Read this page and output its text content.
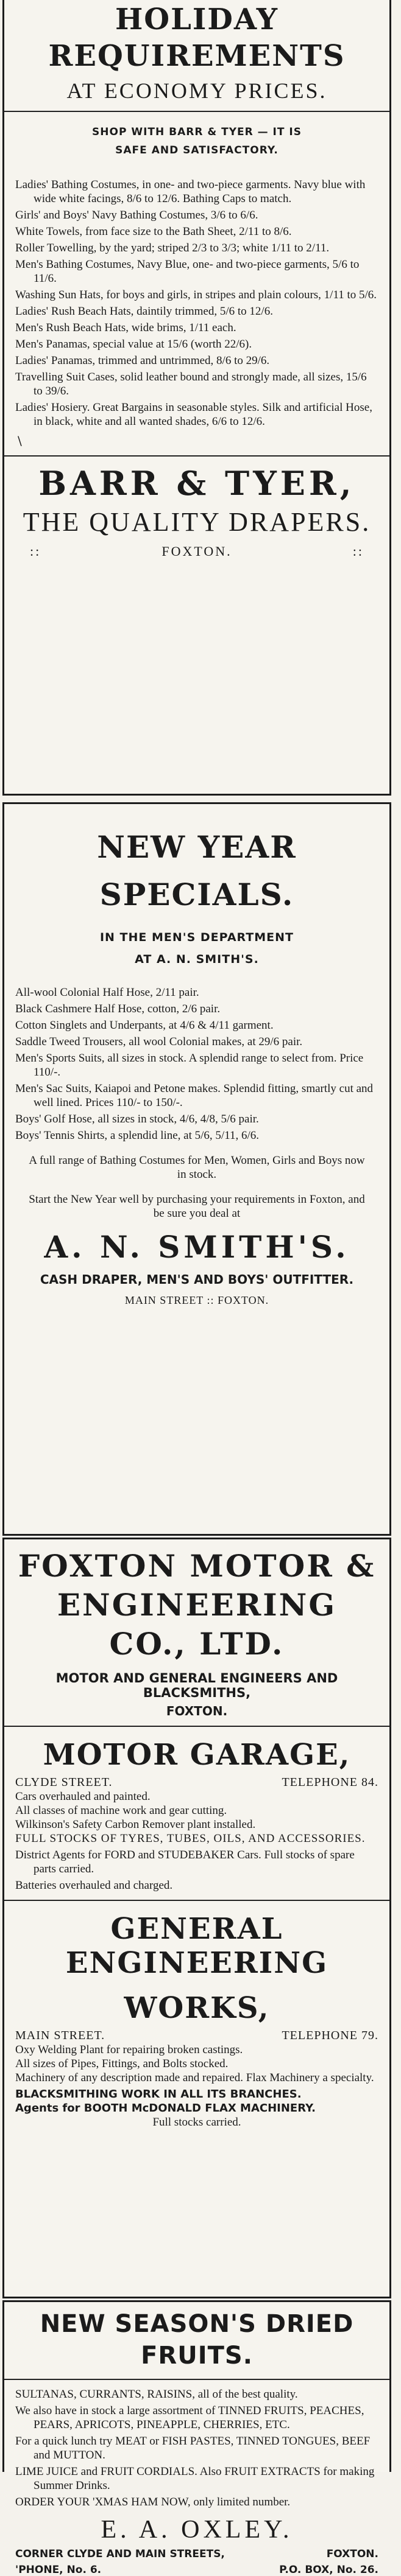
HOLIDAY
REQUIREMENTS
AT ECONOMY PRICES.
SHOP WITH BARR & TYER — IT IS
SAFE AND SATISFACTORY.

Ladies' Bathing Costumes, in one- and two-piece garments. Navy blue with wide white facings, 8/6 to 12/6. Bathing Caps to match.

Girls' and Boys' Navy Bathing Costumes, 3/6 to 6/6.

White Towels, from face size to the Bath Sheet, 2/11 to 8/6.

Roller Towelling, by the yard; striped 2/3 to 3/3; white 1/11 to 2/11.

Men's Bathing Costumes, Navy Blue, one- and two-piece garments, 5/6 to 11/6.

Washing Sun Hats, for boys and girls, in stripes and plain colours, 1/11 to 5/6.

Ladies' Rush Beach Hats, daintily trimmed, 5/6 to 12/6.

Men's Rush Beach Hats, wide brims, 1/11 each.

Men's Panamas, special value at 15/6 (worth 22/6).

Ladies' Panamas, trimmed and untrimmed, 8/6 to 29/6.

Travelling Suit Cases, solid leather bound and strongly made, all sizes, 15/6 to 39/6.

Ladies' Hosiery. Great Bargains in seasonable styles. Silk and artificial Hose, in black, white and all wanted shades, 6/6 to 12/6.

\
BARR & TYER,
THE QUALITY DRAPERS.
::	FOXTON.	::
NEW YEAR
SPECIALS.
IN THE MEN'S DEPARTMENT
AT A. N. SMITH'S.

All-wool Colonial Half Hose, 2/11 pair.

Black Cashmere Half Hose, cotton, 2/6 pair.

Cotton Singlets and Underpants, at 4/6 & 4/11 garment.

Saddle Tweed Trousers, all wool Colonial makes, at 29/6 pair.

Men's Sports Suits, all sizes in stock. A splendid range to select from. Price 110/-.

Men's Sac Suits, Kaiapoi and Petone makes. Splendid fitting, smartly cut and well lined. Prices 110/- to 150/-.

Boys' Golf Hose, all sizes in stock, 4/6, 4/8, 5/6 pair.

Boys' Tennis Shirts, a splendid line, at 5/6, 5/11, 6/6.

A full range of Bathing Costumes for Men, Women, Girls and Boys now in stock.

Start the New Year well by purchasing your requirements in Foxton, and be sure you deal at

A. N. SMITH'S.
CASH DRAPER, MEN'S AND BOYS' OUTFITTER.
MAIN STREET :: FOXTON.
FOXTON MOTOR &
ENGINEERING
CO., LTD.
MOTOR AND GENERAL ENGINEERS AND BLACKSMITHS,
FOXTON.
MOTOR GARAGE,
CLYDE STREET.	TELEPHONE 84.

Cars overhauled and painted.

All classes of machine work and gear cutting.

Wilkinson's Safety Carbon Remover plant installed.

FULL STOCKS OF TYRES, TUBES, OILS, AND ACCESSORIES.

District Agents for FORD and STUDEBAKER Cars. Full stocks of spare parts carried.

Batteries overhauled and charged.

GENERAL ENGINEERING
WORKS,
MAIN STREET.	TELEPHONE 79.

Oxy Welding Plant for repairing broken castings.

All sizes of Pipes, Fittings, and Bolts stocked.

Machinery of any description made and repaired. Flax Machinery a specialty.

BLACKSMITHING WORK IN ALL ITS BRANCHES.

Agents for BOOTH McDONALD FLAX MACHINERY.

Full stocks carried.

NEW SEASON'S DRIED FRUITS.

SULTANAS, CURRANTS, RAISINS, all of the best quality.

We also have in stock a large assortment of TINNED FRUITS, PEACHES, PEARS, APRICOTS, PINEAPPLE, CHERRIES, ETC.

For a quick lunch try MEAT or FISH PASTES, TINNED TONGUES, BEEF and MUTTON.

LIME JUICE and FRUIT CORDIALS. Also FRUIT EXTRACTS for making Summer Drinks.

ORDER YOUR 'XMAS HAM NOW, only limited number.

E. A. OXLEY.
CORNER CLYDE AND MAIN STREETS,	FOXTON.
'PHONE, No. 6.	P.O. BOX, No. 26.
